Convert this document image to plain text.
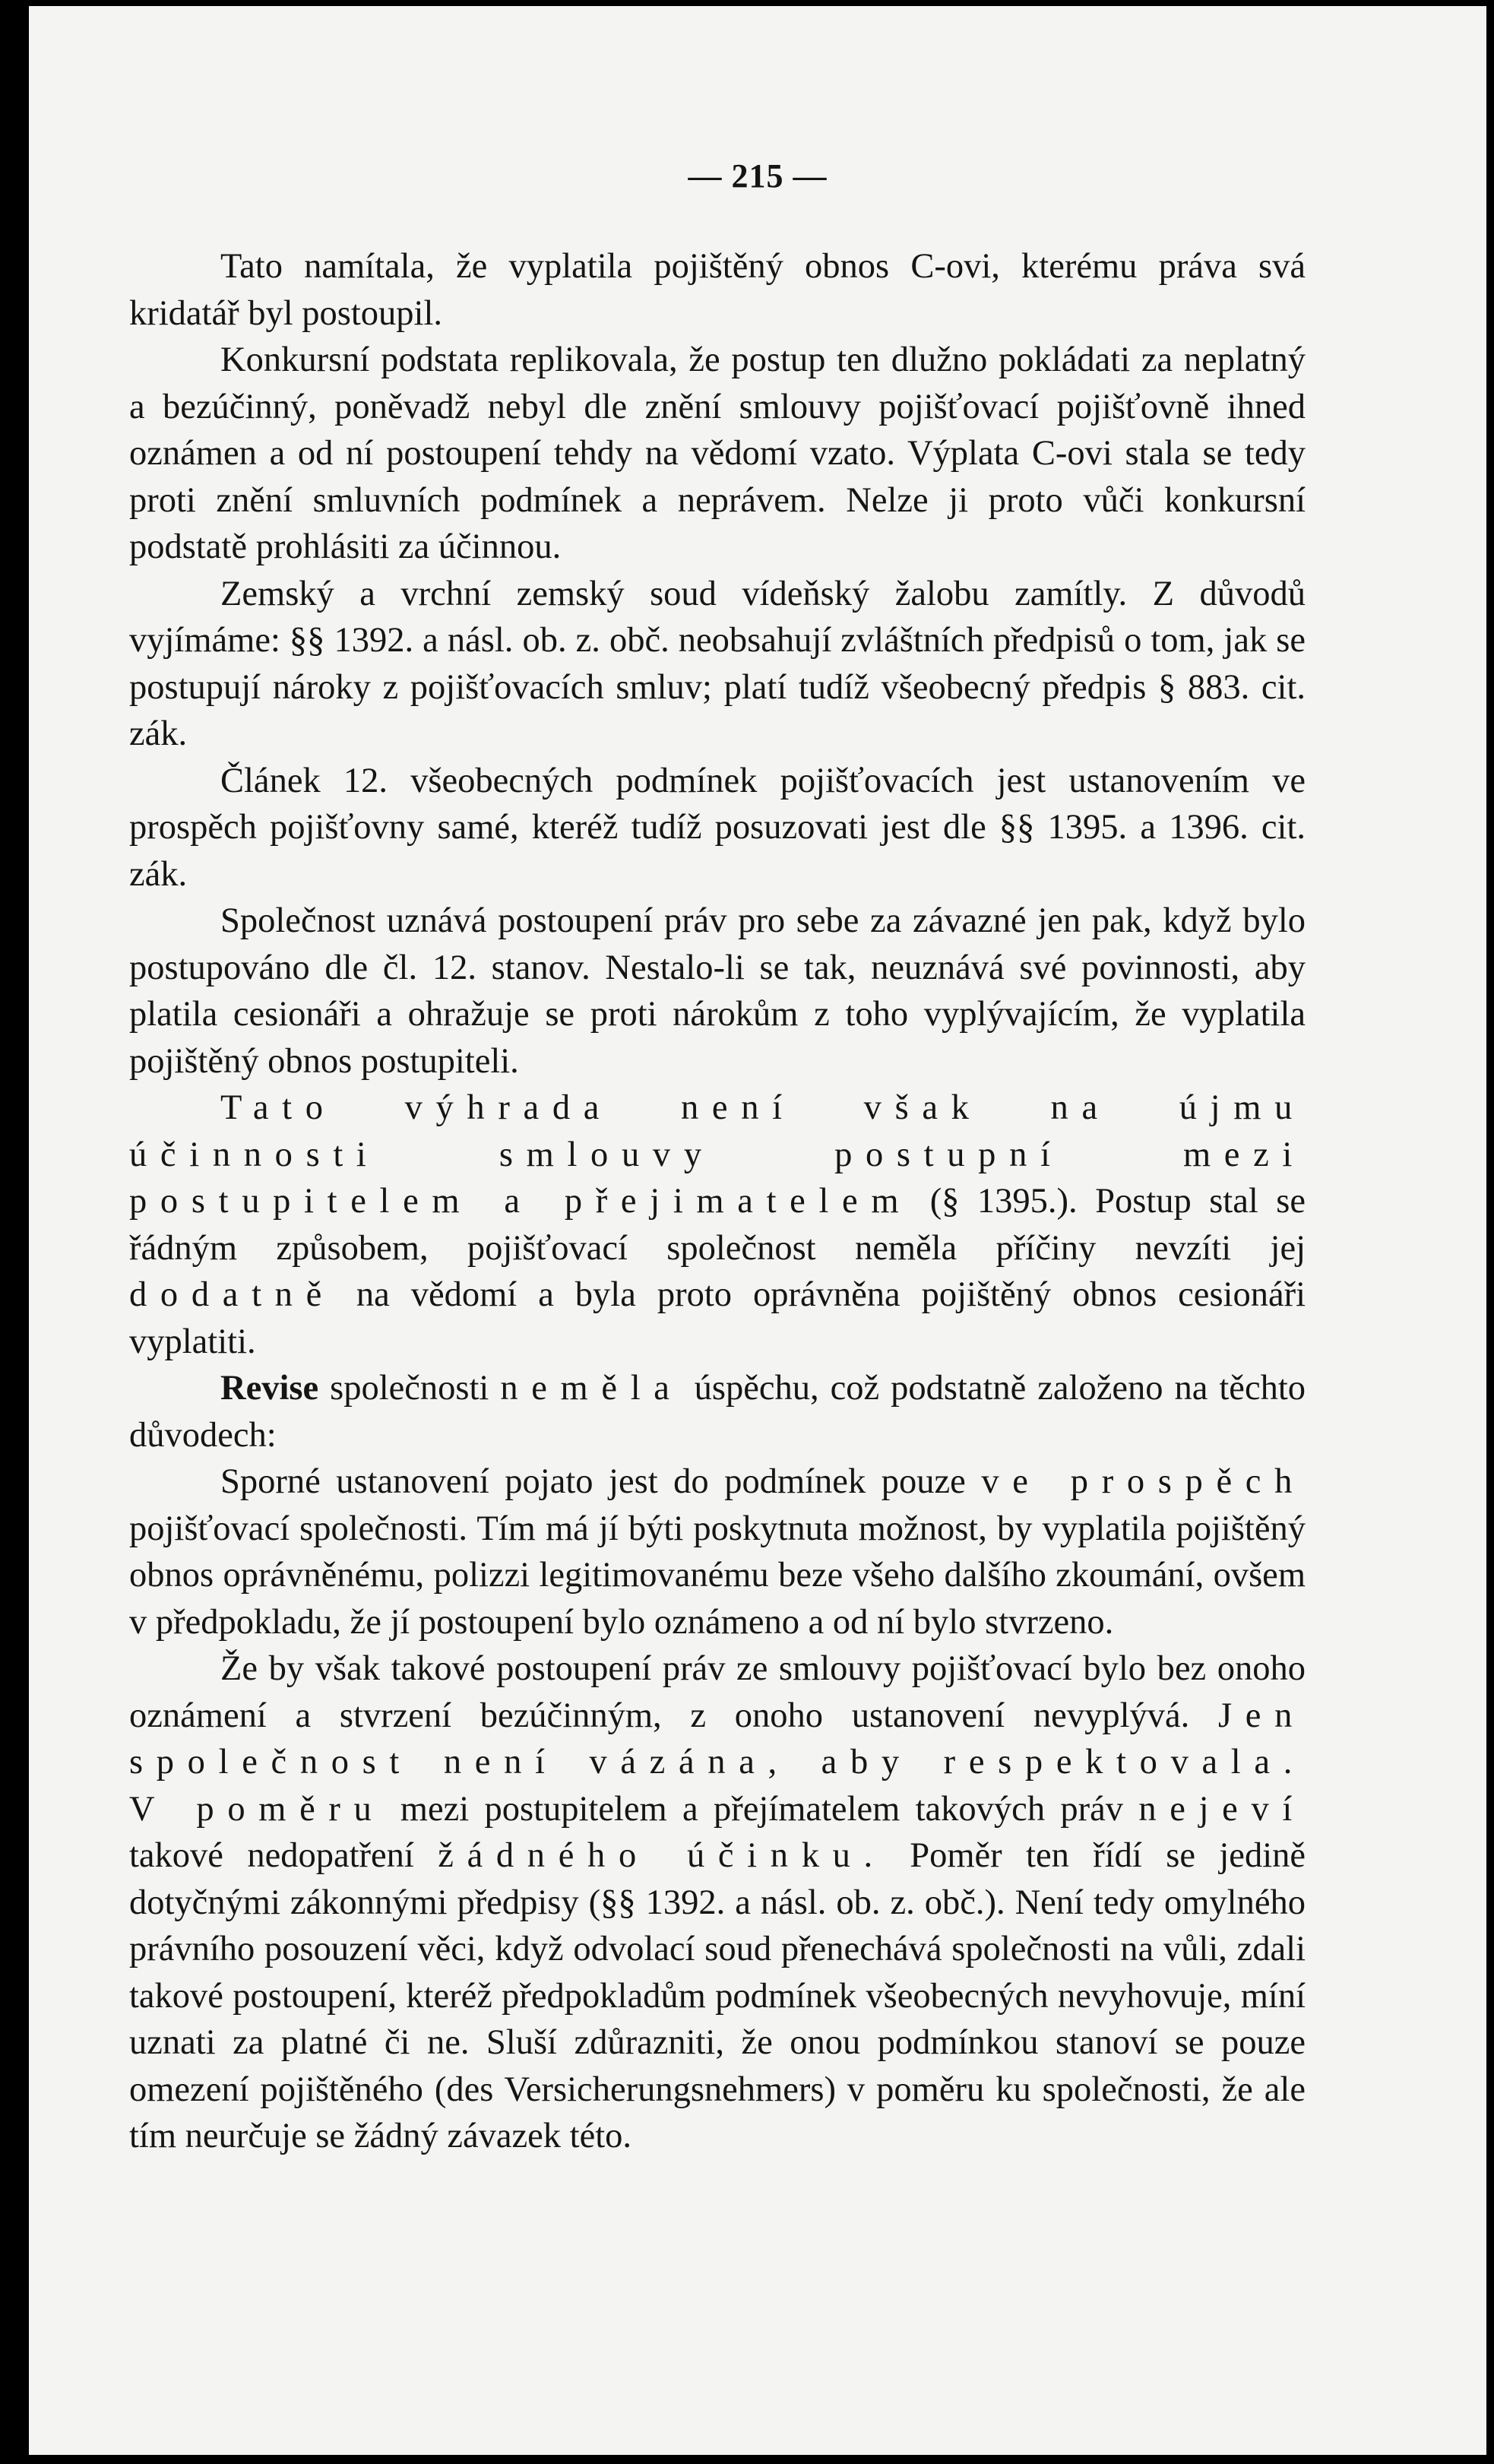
— 215 —

Tato namítala, že vyplatila pojištěný obnos C-ovi, kterému práva svá kridatář byl postoupil.

Konkursní podstata replikovala, že postup ten dlužno pokládati za neplatný a bezúčinný, poněvadž nebyl dle znění smlouvy pojišťovací pojišťovně ihned oznámen a od ní postoupení tehdy na vědomí vzato. Výplata C-ovi stala se tedy proti znění smluvních podmínek a neprávem. Nelze ji proto vůči konkursní podstatě prohlásiti za účinnou.

Zemský a vrchní zemský soud vídeňský žalobu zamítly. Z důvodů vyjímáme: §§ 1392. a násl. ob. z. obč. neobsahují zvláštních předpisů o tom, jak se postupují nároky z pojišťovacích smluv; platí tudíž všeobecný předpis § 883. cit. zák.

Článek 12. všeobecných podmínek pojišťovacích jest ustanovením ve prospěch pojišťovny samé, kteréž tudíž posuzovati jest dle §§ 1395. a 1396. cit. zák.

Společnost uznává postoupení práv pro sebe za závazné jen pak, když bylo postupováno dle čl. 12. stanov. Nestalo-li se tak, neuznává své povinnosti, aby platila cesionáři a ohražuje se proti nárokům z toho vyplývajícím, že vyplatila pojištěný obnos postupiteli.

Tato výhrada není však na újmu účinnosti smlouvy postupní mezi postupitelem a přejimatelem (§ 1395.). Postup stal se řádným způsobem, pojišťovací společnost neměla příčiny nevzíti jej dodatně na vědomí a byla proto oprávněna pojištěný obnos cesionáři vyplatiti.

Revise společnosti neměla úspěchu, což podstatně založeno na těchto důvodech:

Sporné ustanovení pojato jest do podmínek pouze ve prospěch pojišťovací společnosti. Tím má jí býti poskytnuta možnost, by vyplatila pojištěný obnos oprávněnému, polizzi legitimovanému beze všeho dalšího zkoumání, ovšem v předpokladu, že jí postoupení bylo oznámeno a od ní bylo stvrzeno.

Že by však takové postoupení práv ze smlouvy pojišťovací bylo bez onoho oznámení a stvrzení bezúčinným, z onoho ustanovení nevyplývá. Jen společnost není vázána, aby respektovala. V poměru mezi postupitelem a přejímatelem takových práv nejeví takové nedopatření žádného účinku. Poměr ten řídí se jedině dotyčnými zákonnými předpisy (§§ 1392. a násl. ob. z. obč.). Není tedy omylného právního posouzení věci, když odvolací soud přenechává společnosti na vůli, zdali takové postoupení, kteréž předpokladům podmínek všeobecných nevyhovuje, míní uznati za platné či ne. Sluší zdůrazniti, že onou podmínkou stanoví se pouze omezení pojištěného (des Versicherungsnehmers) v poměru ku společnosti, že ale tím neurčuje se žádný závazek této.
